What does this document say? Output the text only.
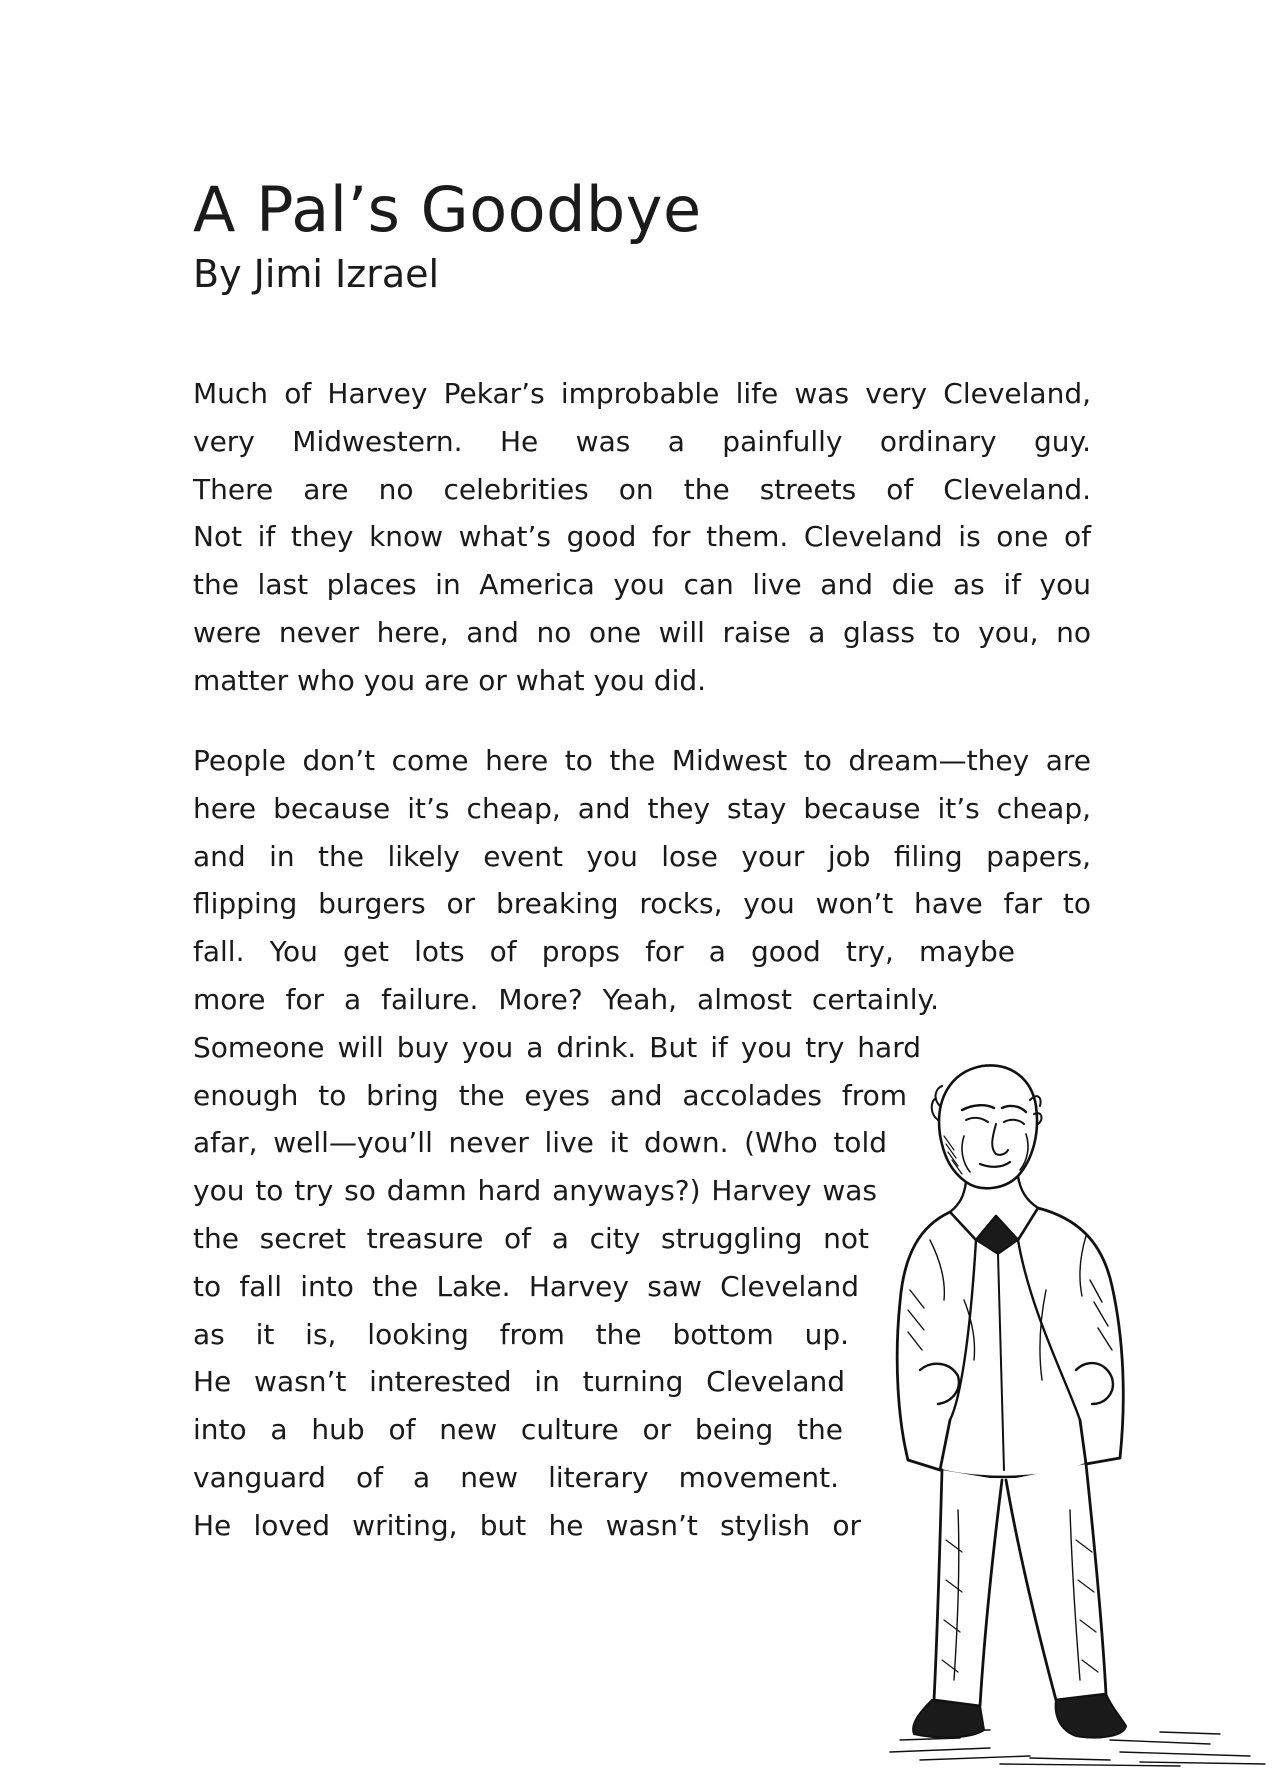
A Pal’s Goodbye
By Jimi Izrael
Much of Harvey Pekar’s improbable life was very Cleveland,
very Midwestern. He was a painfully ordinary guy.
There are no celebrities on the streets of Cleveland.
Not if they know what’s good for them. Cleveland is one of
the last places in America you can live and die as if you
were never here, and no one will raise a glass to you, no
matter who you are or what you did.
People don’t come here to the Midwest to dream—they are
here because it’s cheap, and they stay because it’s cheap,
and in the likely event you lose your job filing papers,
flipping burgers or breaking rocks, you won’t have far to
fall. You get lots of props for a good try, maybe
more for a failure. More? Yeah, almost certainly.
Someone will buy you a drink. But if you try hard
enough to bring the eyes and accolades from
afar, well—you’ll never live it down. (Who told
you to try so damn hard anyways?) Harvey was
the secret treasure of a city struggling not
to fall into the Lake. Harvey saw Cleveland
as it is, looking from the bottom up.
He wasn’t interested in turning Cleveland
into a hub of new culture or being the
vanguard of a new literary movement.
He loved writing, but he wasn’t stylish or
